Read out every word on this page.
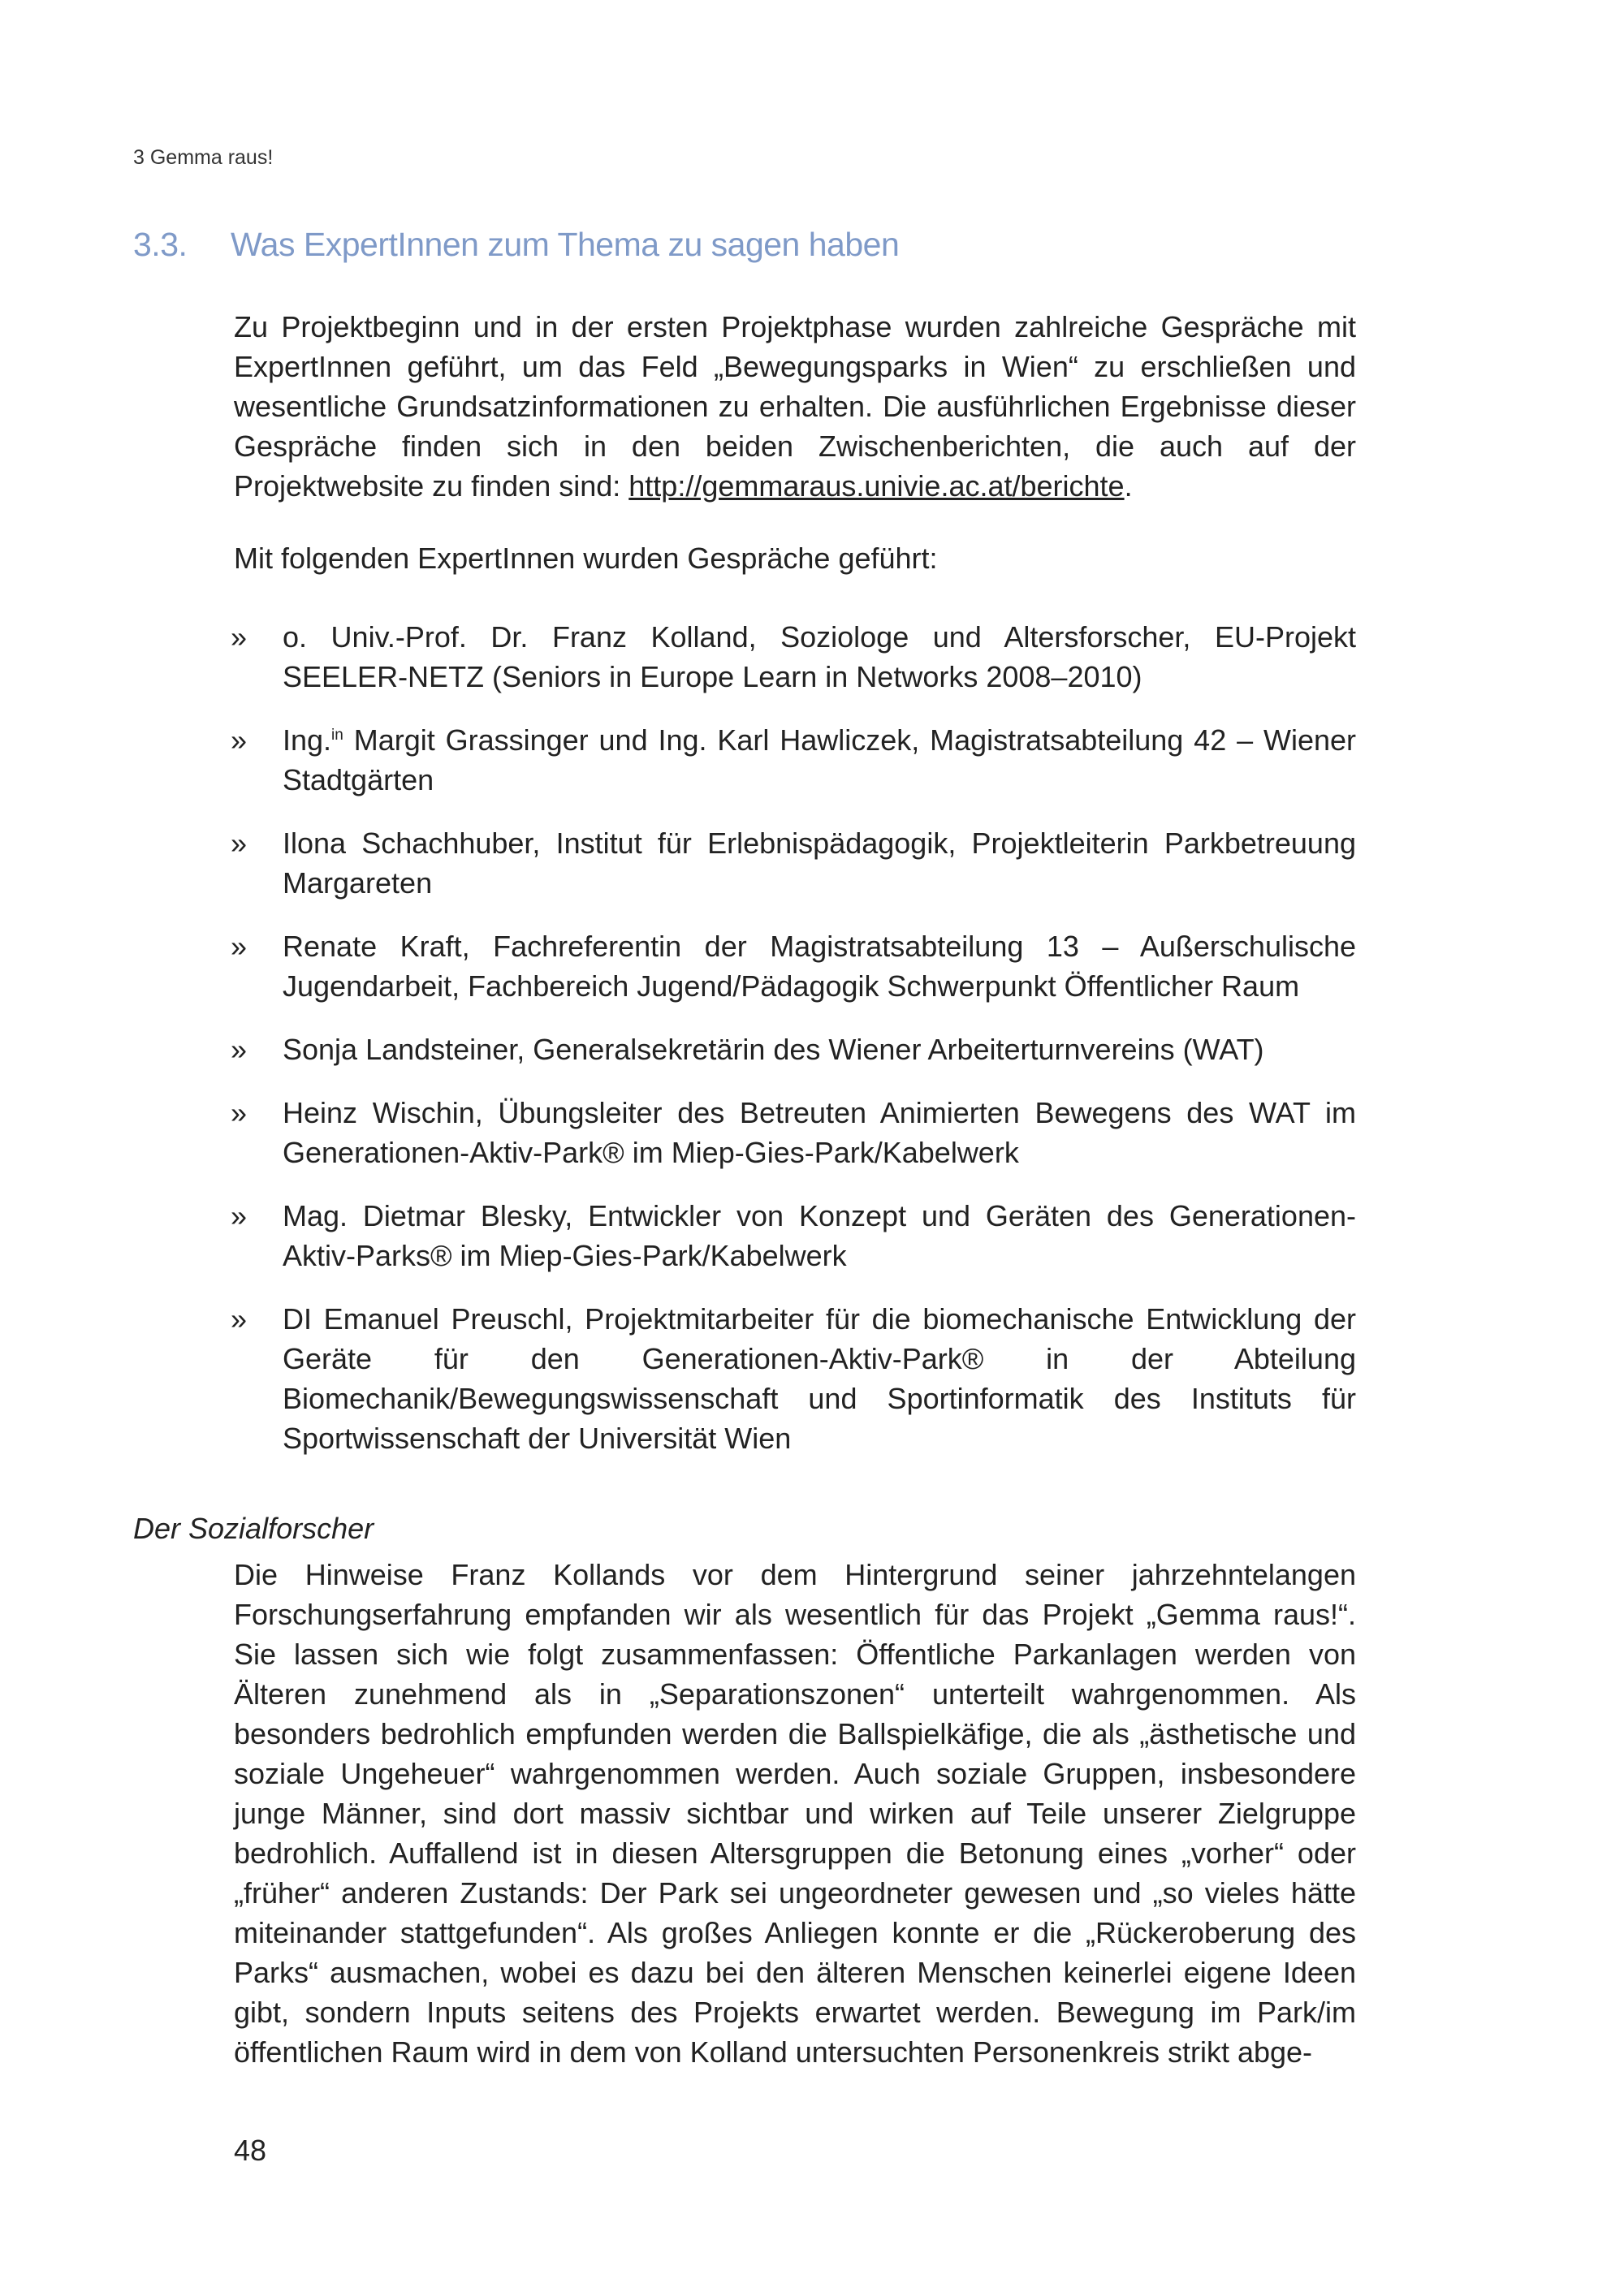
3 Gemma raus!
3.3.	Was ExpertInnen zum Thema zu sagen haben

Zu Projektbeginn und in der ersten Projektphase wurden zahlreiche Gespräche mit ExpertInnen geführt, um das Feld „Bewegungsparks in Wien“ zu erschließen und wesentliche Grundsatzinformationen zu erhalten. Die ausführlichen Ergebnisse dieser Gespräche finden sich in den beiden Zwischenberichten, die auch auf der Projektwebsite zu finden sind: http://gemmaraus.univie.ac.at/berichte.

Mit folgenden ExpertInnen wurden Gespräche geführt:

» o. Univ.-Prof. Dr. Franz Kolland, Soziologe und Altersforscher, EU-Projekt SEELER-NETZ (Seniors in Europe Learn in Networks 2008–2010)
» Ing.$^{in}$ Margit Grassinger und Ing. Karl Hawliczek, Magistratsabteilung 42 – Wiener Stadtgärten
» Ilona Schachhuber, Institut für Erlebnispädagogik, Projektleiterin Parkbetreuung Margareten
» Renate Kraft, Fachreferentin der Magistratsabteilung 13 – Außerschulische Jugendarbeit, Fachbereich Jugend/Pädagogik Schwerpunkt Öffentlicher Raum
» Sonja Landsteiner, Generalsekretärin des Wiener Arbeiterturnvereins (WAT)
» Heinz Wischin, Übungsleiter des Betreuten Animierten Bewegens des WAT im Generationen-Aktiv-Park® im Miep-Gies-Park/Kabelwerk
» Mag. Dietmar Blesky, Entwickler von Konzept und Geräten des Generationen-Aktiv-Parks® im Miep-Gies-Park/Kabelwerk
» DI Emanuel Preuschl, Projektmitarbeiter für die biomechanische Entwicklung der Geräte für den Generationen-Aktiv-Park® in der Abteilung Biomechanik/Bewegungswissenschaft und Sportinformatik des Instituts für Sportwissenschaft der Universität Wien
Der Sozialforscher

Die Hinweise Franz Kollands vor dem Hintergrund seiner jahrzehntelangen Forschungserfahrung empfanden wir als wesentlich für das Projekt „Gemma raus!“. Sie lassen sich wie folgt zusammenfassen: Öffentliche Parkanlagen werden von Älteren zunehmend als in „Separationszonen“ unterteilt wahrgenommen. Als besonders bedrohlich empfunden werden die Ballspielkäfige, die als „ästhetische und soziale Ungeheuer“ wahrgenommen werden. Auch soziale Gruppen, insbesondere junge Männer, sind dort massiv sichtbar und wirken auf Teile unserer Zielgruppe bedrohlich. Auffallend ist in diesen Altersgruppen die Betonung eines „vorher“ oder „früher“ anderen Zustands: Der Park sei ungeordneter gewesen und „so vieles hätte miteinander stattgefunden“. Als großes Anliegen konnte er die „Rückeroberung des Parks“ ausmachen, wobei es dazu bei den älteren Menschen keinerlei eigene Ideen gibt, sondern Inputs seitens des Projekts erwartet werden. Bewegung im Park/im öffentlichen Raum wird in dem von Kolland untersuchten Personenkreis strikt abge-

48
